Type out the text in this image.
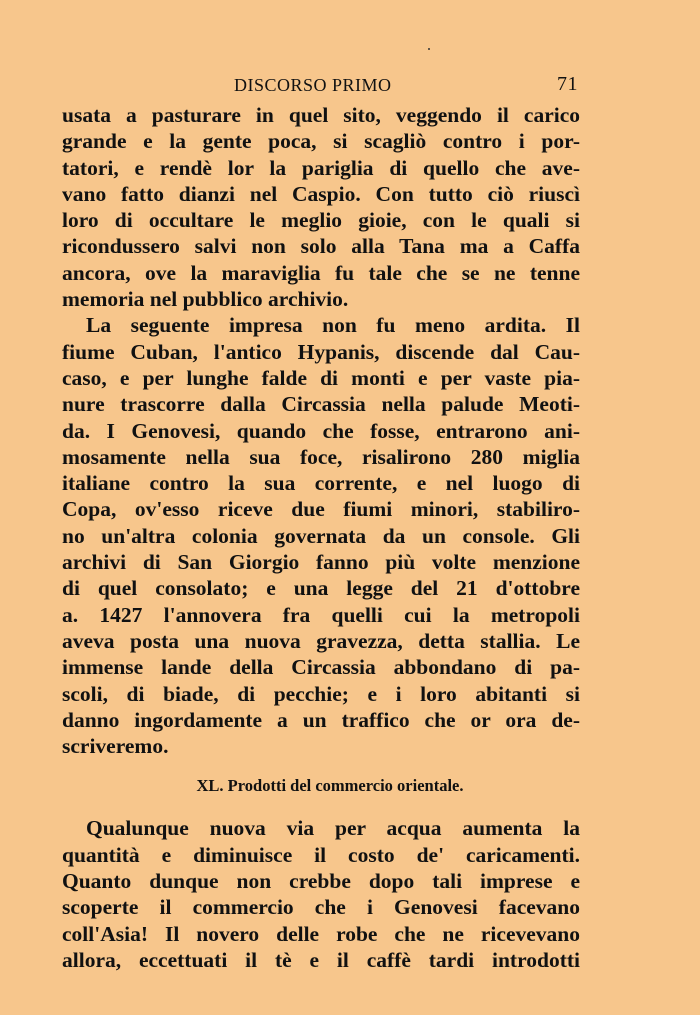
DISCORSO PRIMO	71

usata a pasturare in quel sito, veggendo il carico

grande e la gente poca, si scagliò contro i por-

tatori, e rendè lor la pariglia di quello che ave-

vano fatto dianzi nel Caspio. Con tutto ciò riuscì

loro di occultare le meglio gioie, con le quali si

ricondussero salvi non solo alla Tana ma a Caffa

ancora, ove la maraviglia fu tale che se ne tenne

memoria nel pubblico archivio.

La seguente impresa non fu meno ardita. Il

fiume Cuban, l'antico Hypanis, discende dal Cau-

caso, e per lunghe falde di monti e per vaste pia-

nure trascorre dalla Circassia nella palude Meoti-

da. I Genovesi, quando che fosse, entrarono ani-

mosamente nella sua foce, risalirono 280 miglia

italiane contro la sua corrente, e nel luogo di

Copa, ov'esso riceve due fiumi minori, stabiliro-

no un'altra colonia governata da un console. Gli

archivi di San Giorgio fanno più volte menzione

di quel consolato; e una legge del 21 d'ottobre

a. 1427 l'annovera fra quelli cui la metropoli

aveva posta una nuova gravezza, detta stallia. Le

immense lande della Circassia abbondano di pa-

scoli, di biade, di pecchie; e i loro abitanti si

danno ingordamente a un traffico che or ora de-

scriveremo.

XL. Prodotti del commercio orientale.

Qualunque nuova via per acqua aumenta la

quantità e diminuisce il costo de' caricamenti.

Quanto dunque non crebbe dopo tali imprese e

scoperte il commercio che i Genovesi facevano

coll'Asia! Il novero delle robe che ne ricevevano

allora, eccettuati il tè e il caffè tardi introdotti
